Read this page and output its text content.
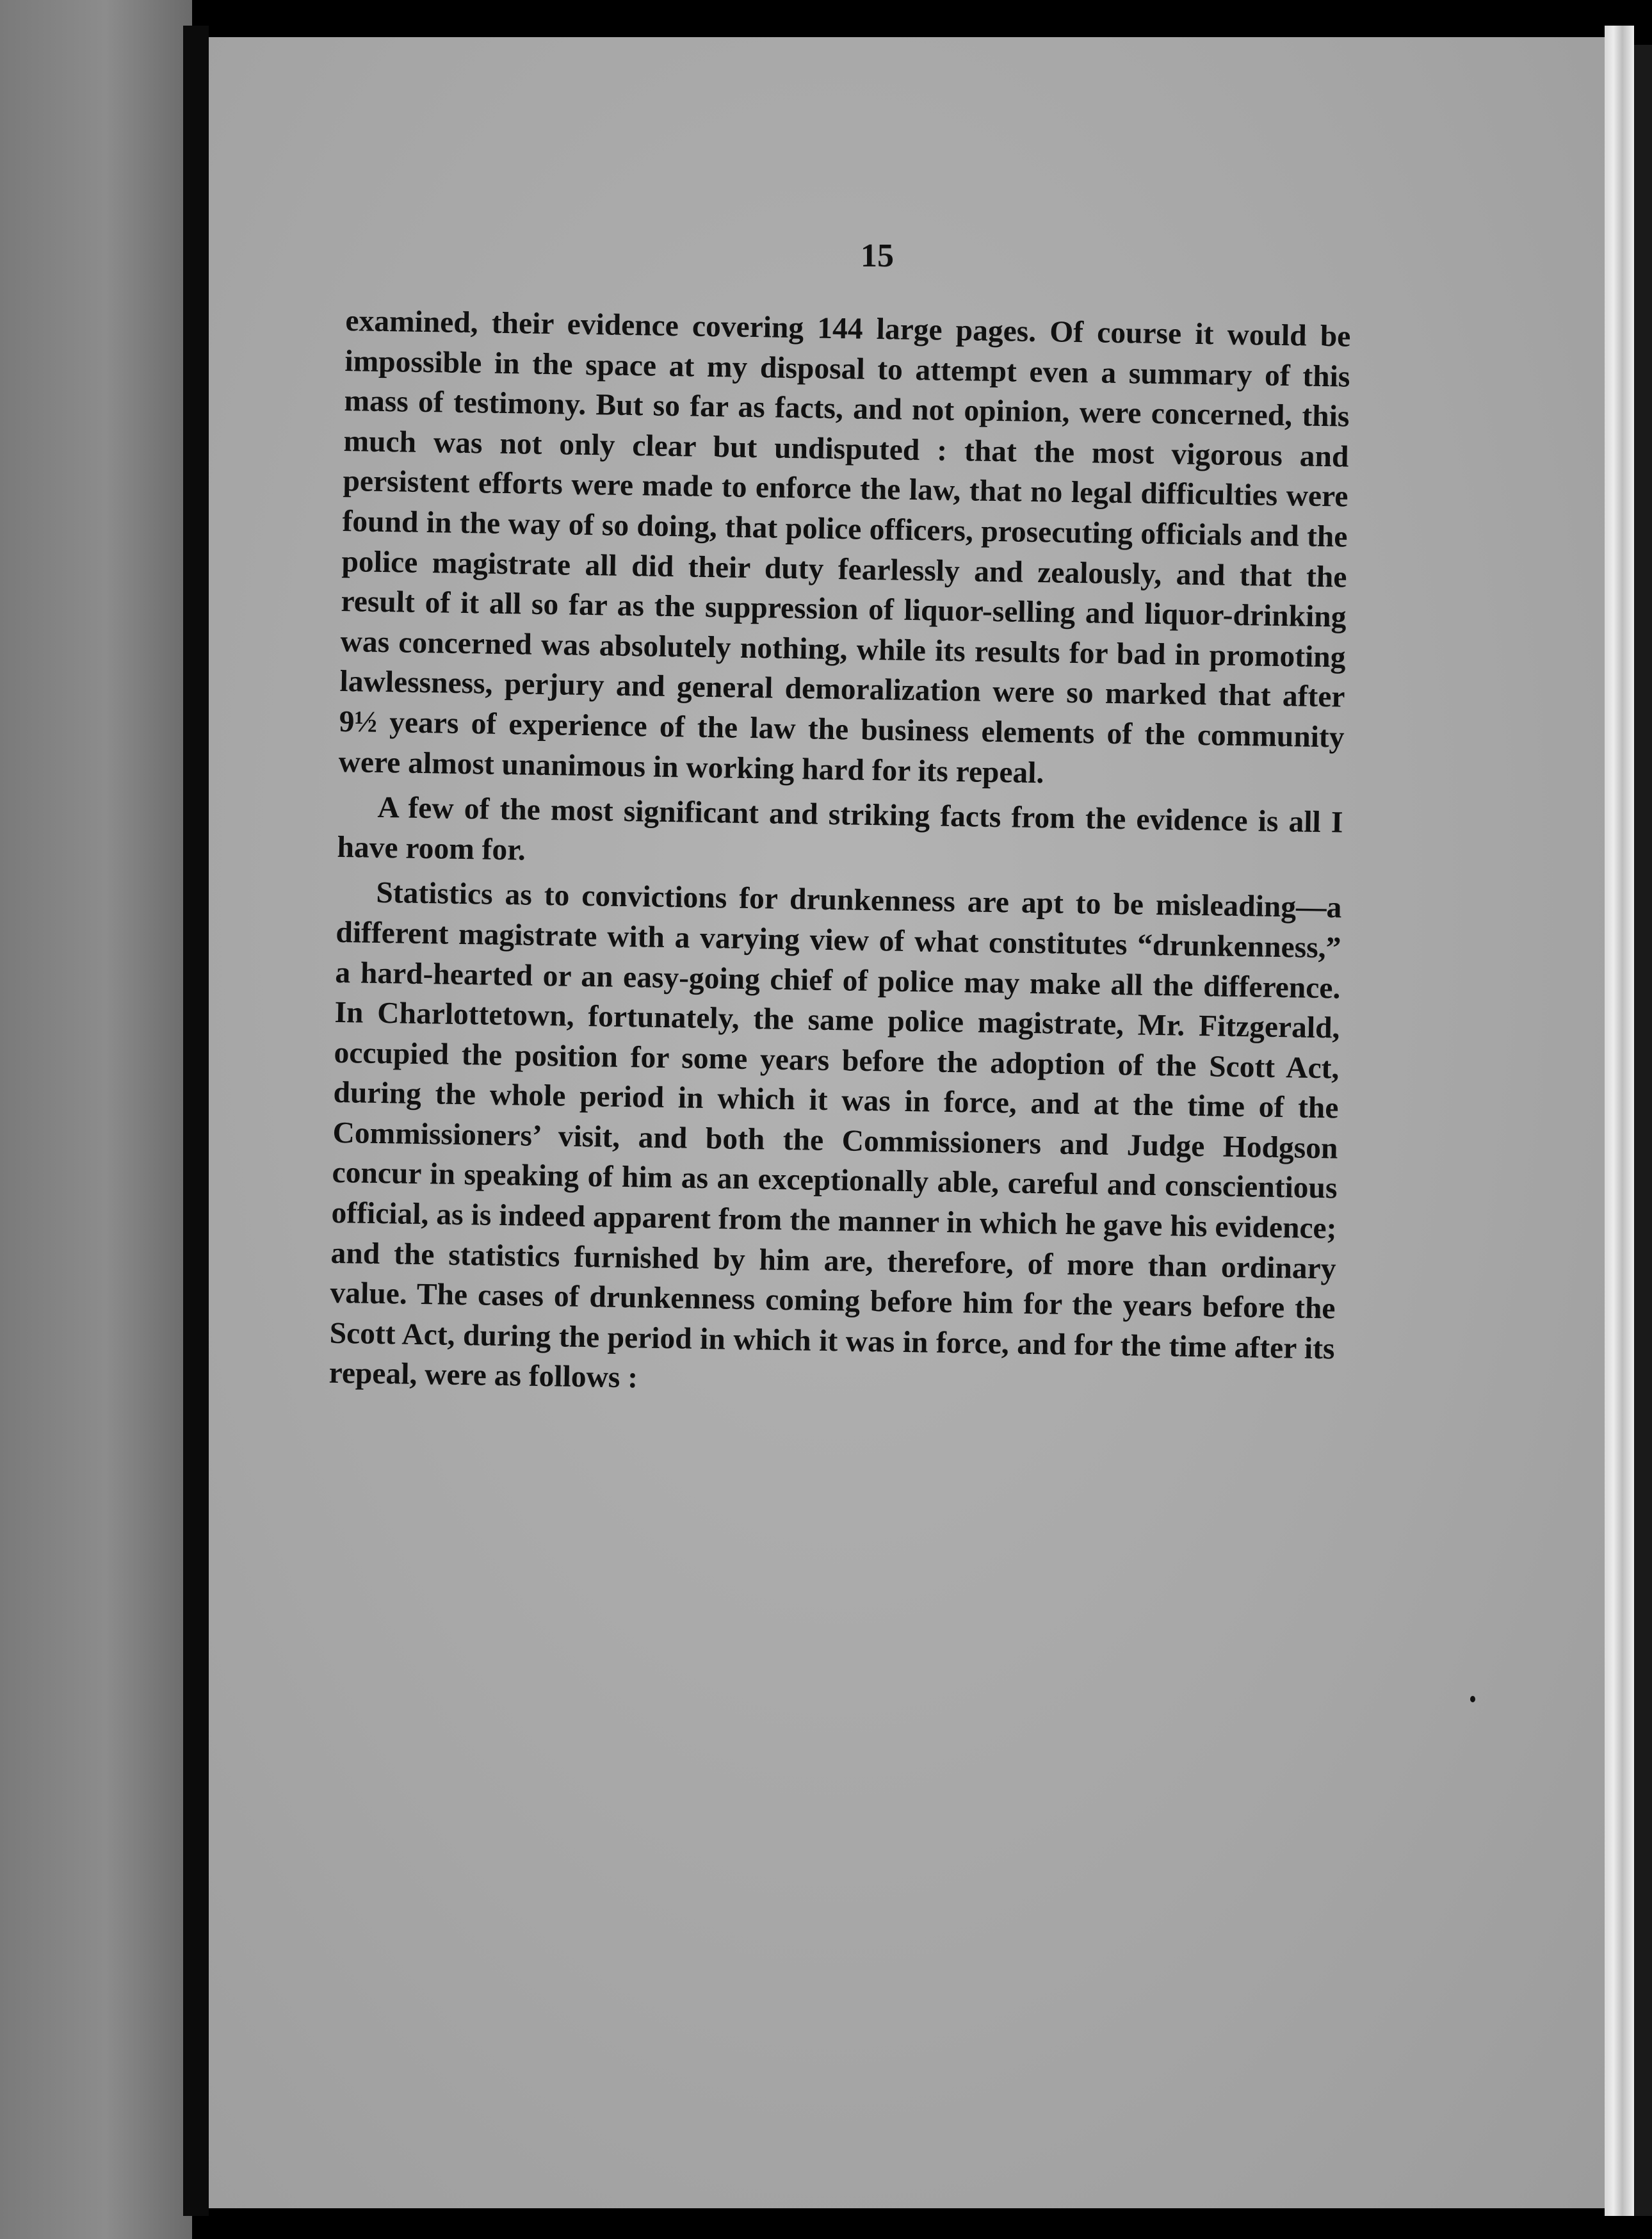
15

examined, their evidence covering 144 large pages. Of course it would be impossible in the space at my disposal to attempt even a summary of this mass of testimony. But so far as facts, and not opinion, were concerned, this much was not only clear but undisputed : that the most vigorous and persistent efforts were made to enforce the law, that no legal difficulties were found in the way of so doing, that police officers, prosecuting officials and the police magistrate all did their duty fearlessly and zealously, and that the result of it all so far as the suppression of liquor-selling and liquor-drinking was concerned was absolutely nothing, while its results for bad in promoting lawlessness, perjury and general demoralization were so marked that after 9½ years of experience of the law the business elements of the community were almost unanimous in working hard for its repeal.

A few of the most significant and striking facts from the evidence is all I have room for.

Statistics as to convictions for drunkenness are apt to be misleading—a different magistrate with a varying view of what constitutes “drunkenness,” a hard-hearted or an easy-going chief of police may make all the difference. In Charlottetown, fortunately, the same police magistrate, Mr. Fitzgerald, occupied the position for some years before the adoption of the Scott Act, during the whole period in which it was in force, and at the time of the Commissioners’ visit, and both the Commissioners and Judge Hodgson concur in speaking of him as an exceptionally able, careful and conscientious official, as is indeed apparent from the manner in which he gave his evidence; and the statistics furnished by him are, therefore, of more than ordinary value. The cases of drunkenness coming before him for the years before the Scott Act, during the period in which it was in force, and for the time after its repeal, were as follows :
